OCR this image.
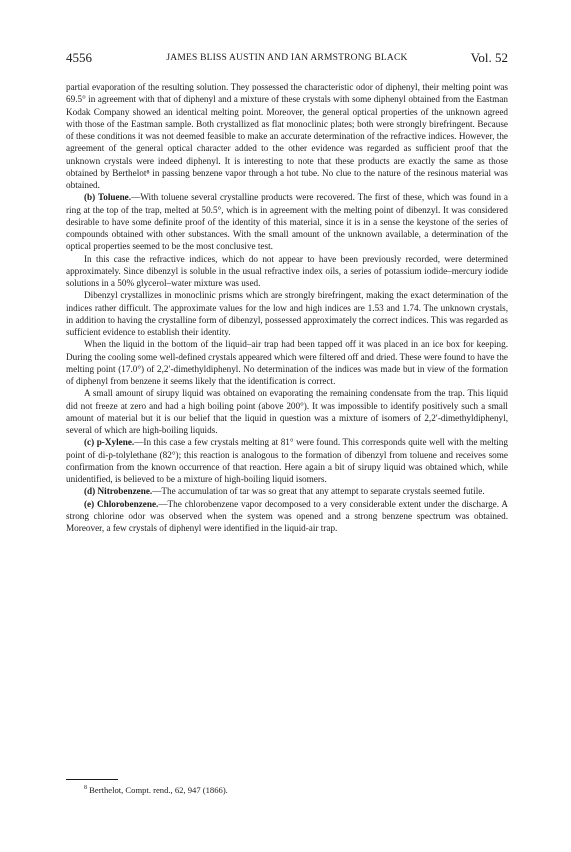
4556	JAMES BLISS AUSTIN AND IAN ARMSTRONG BLACK	Vol. 52

partial evaporation of the resulting solution. They possessed the characteristic odor of diphenyl, their melting point was 69.5° in agreement with that of diphenyl and a mixture of these crystals with some diphenyl obtained from the Eastman Kodak Company showed an identical melting point. Moreover, the general optical properties of the unknown agreed with those of the Eastman sample. Both crystallized as flat monoclinic plates; both were strongly birefringent. Because of these conditions it was not deemed feasible to make an accurate determination of the refractive indices. However, the agreement of the general optical character added to the other evidence was regarded as sufficient proof that the unknown crystals were indeed diphenyl. It is interesting to note that these products are exactly the same as those obtained by Berthelot⁸ in passing benzene vapor through a hot tube. No clue to the nature of the resinous material was obtained.

(b) Toluene.—With toluene several crystalline products were recovered. The first of these, which was found in a ring at the top of the trap, melted at 50.5°, which is in agreement with the melting point of dibenzyl. It was considered desirable to have some definite proof of the identity of this material, since it is in a sense the keystone of the series of compounds obtained with other substances. With the small amount of the unknown available, a determination of the optical properties seemed to be the most conclusive test.

In this case the refractive indices, which do not appear to have been previously recorded, were determined approximately. Since dibenzyl is soluble in the usual refractive index oils, a series of potassium iodide–mercury iodide solutions in a 50% glycerol–water mixture was used.

Dibenzyl crystallizes in monoclinic prisms which are strongly birefringent, making the exact determination of the indices rather difficult. The approximate values for the low and high indices are 1.53 and 1.74. The unknown crystals, in addition to having the crystalline form of dibenzyl, possessed approximately the correct indices. This was regarded as sufficient evidence to establish their identity.

When the liquid in the bottom of the liquid–air trap had been tapped off it was placed in an ice box for keeping. During the cooling some well-defined crystals appeared which were filtered off and dried. These were found to have the melting point (17.0°) of 2,2′-dimethyldiphenyl. No determination of the indices was made but in view of the formation of diphenyl from benzene it seems likely that the identification is correct.

A small amount of sirupy liquid was obtained on evaporating the remaining condensate from the trap. This liquid did not freeze at zero and had a high boiling point (above 200°). It was impossible to identify positively such a small amount of material but it is our belief that the liquid in question was a mixture of isomers of 2,2′-dimethyldiphenyl, several of which are high-boiling liquids.

(c) p-Xylene.—In this case a few crystals melting at 81° were found. This corresponds quite well with the melting point of di-p-tolylethane (82°); this reaction is analogous to the formation of dibenzyl from toluene and receives some confirmation from the known occurrence of that reaction. Here again a bit of sirupy liquid was obtained which, while unidentified, is believed to be a mixture of high-boiling liquid isomers.

(d) Nitrobenzene.—The accumulation of tar was so great that any attempt to separate crystals seemed futile.

(e) Chlorobenzene.—The chlorobenzene vapor decomposed to a very considerable extent under the discharge. A strong chlorine odor was observed when the system was opened and a strong benzene spectrum was obtained. Moreover, a few crystals of diphenyl were identified in the liquid-air trap.

$^8$ Berthelot, Compt. rend., 62, 947 (1866).
